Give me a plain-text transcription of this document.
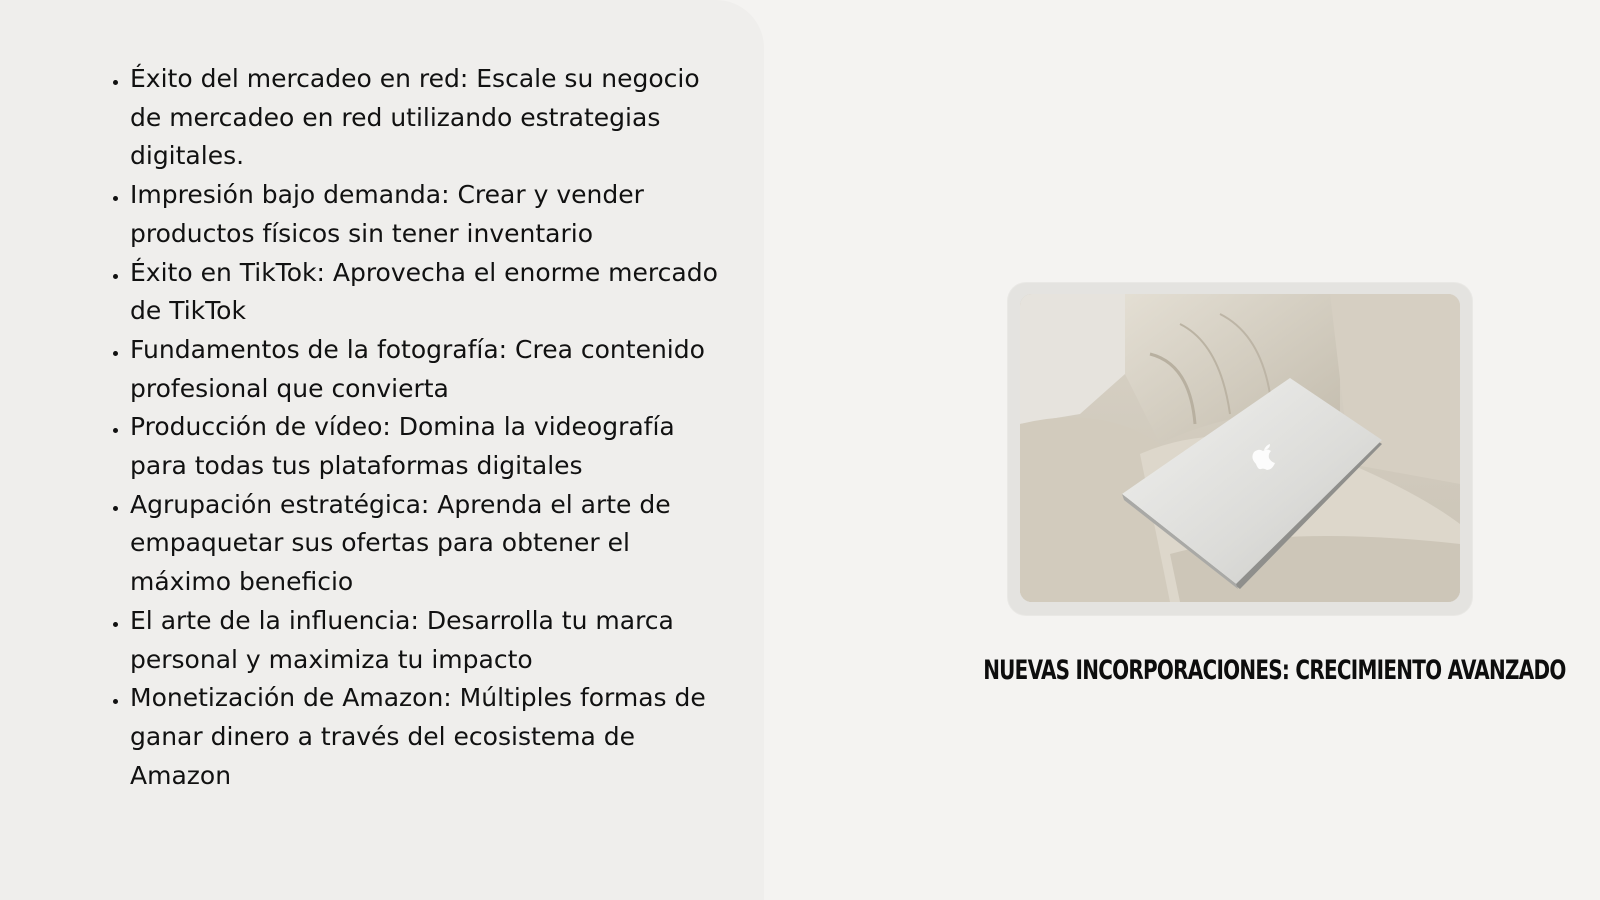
• Éxito del mercadeo en red: Escale su negocio de mercadeo en red utilizando estrategias digitales.
• Impresión bajo demanda: Crear y vender productos físicos sin tener inventario
• Éxito en TikTok: Aprovecha el enorme mercado de TikTok
• Fundamentos de la fotografía: Crea contenido profesional que convierta
• Producción de vídeo: Domina la videografía para todas tus plataformas digitales
• Agrupación estratégica: Aprenda el arte de empaquetar sus ofertas para obtener el máximo beneficio
• El arte de la influencia: Desarrolla tu marca personal y maximiza tu impacto
• Monetización de Amazon: Múltiples formas de ganar dinero a través del ecosistema de Amazon
NUEVAS INCORPORACIONES: CRECIMIENTO AVANZADO
